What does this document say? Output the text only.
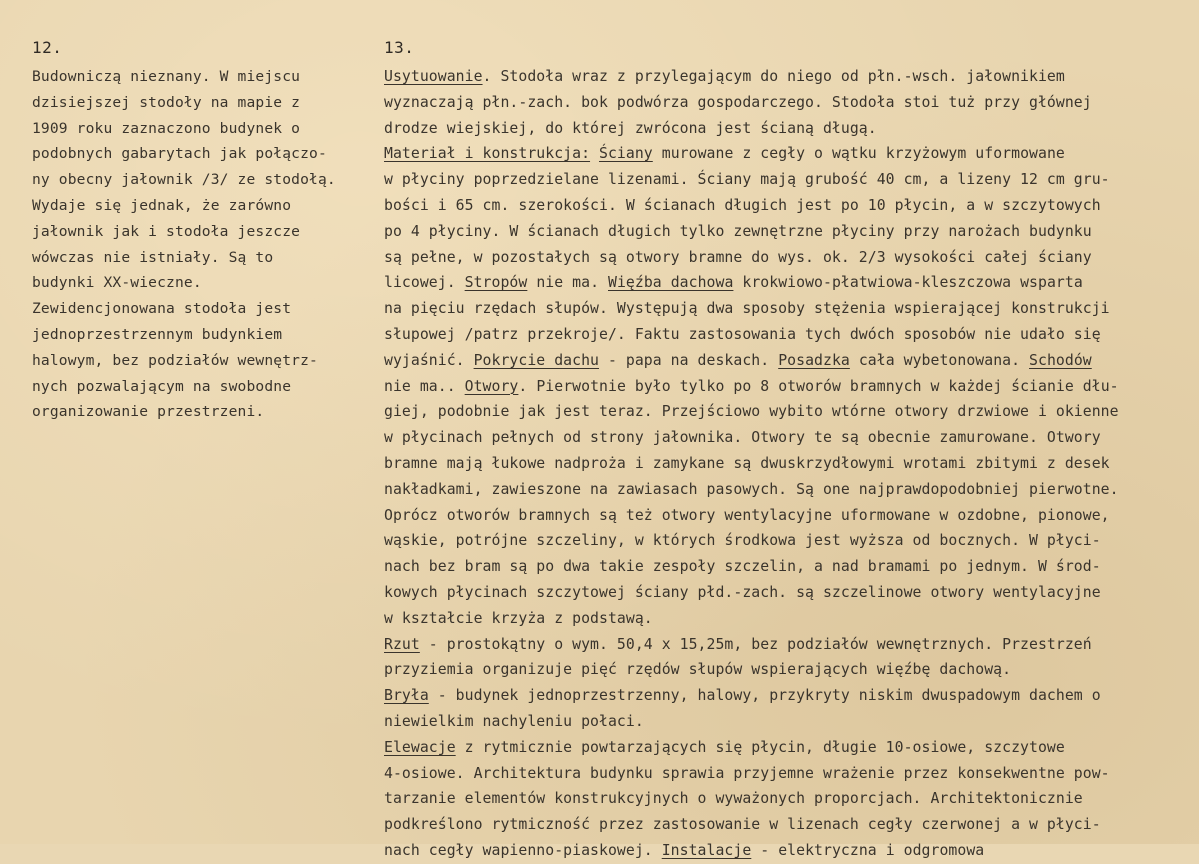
12.
Budowniczą nieznany. W miejscu
dzisiejszej stodoły na mapie z
1909 roku zaznaczono budynek o
podobnych gabarytach jak połączo-
ny obecny jałownik /3/ ze stodołą.
Wydaje się jednak, że zarówno
jałownik jak i stodoła jeszcze
wówczas nie istniały. Są to
budynki XX-wieczne.
Zewidencjonowana stodoła jest
jednoprzestrzennym budynkiem
halowym, bez podziałów wewnętrz-
nych pozwalającym na swobodne
organizowanie przestrzeni.
13.
Usytuowanie. Stodoła wraz z przylegającym do niego od płn.-wsch. jałownikiem
wyznaczają płn.-zach. bok podwórza gospodarczego. Stodoła stoi tuż przy głównej
drodze wiejskiej, do której zwrócona jest ścianą długą.
Materiał i konstrukcja: Ściany murowane z cegły o wątku krzyżowym uformowane
w płyciny poprzedzielane lizenami. Ściany mają grubość 40 cm, a lizeny 12 cm gru-
bości i 65 cm. szerokości. W ścianach długich jest po 10 płycin, a w szczytowych
po 4 płyciny. W ścianach długich tylko zewnętrzne płyciny przy narożach budynku
są pełne, w pozostałych są otwory bramne do wys. ok. 2/3 wysokości całej ściany
licowej. Stropów nie ma. Więźba dachowa krokwiowo-płatwiowa-kleszczowa wsparta
na pięciu rzędach słupów. Występują dwa sposoby stężenia wspierającej konstrukcji
słupowej /patrz przekroje/. Faktu zastosowania tych dwóch sposobów nie udało się
wyjaśnić. Pokrycie dachu - papa na deskach. Posadzka cała wybetonowana. Schodów
nie ma.. Otwory. Pierwotnie było tylko po 8 otworów bramnych w każdej ścianie dłu-
giej, podobnie jak jest teraz. Przejściowo wybito wtórne otwory drzwiowe i okienne
w płycinach pełnych od strony jałownika. Otwory te są obecnie zamurowane. Otwory
bramne mają łukowe nadproża i zamykane są dwuskrzydłowymi wrotami zbitymi z desek
nakładkami, zawieszone na zawiasach pasowych. Są one najprawdopodobniej pierwotne.
Oprócz otworów bramnych są też otwory wentylacyjne uformowane w ozdobne, pionowe,
wąskie, potrójne szczeliny, w których środkowa jest wyższa od bocznych. W płyci-
nach bez bram są po dwa takie zespoły szczelin, a nad bramami po jednym. W środ-
kowych płycinach szczytowej ściany płd.-zach. są szczelinowe otwory wentylacyjne
w kształcie krzyża z podstawą.
Rzut - prostokątny o wym. 50,4 x 15,25m, bez podziałów wewnętrznych. Przestrzeń
przyziemia organizuje pięć rzędów słupów wspierających więźbę dachową.
Bryła - budynek jednoprzestrzenny, halowy, przykryty niskim dwuspadowym dachem o
niewielkim nachyleniu połaci.
Elewacje z rytmicznie powtarzających się płycin, długie 10-osiowe, szczytowe
4-osiowe. Architektura budynku sprawia przyjemne wrażenie przez konsekwentne pow-
tarzanie elementów konstrukcyjnych o wyważonych proporcjach. Architektonicznie
podkreślono rytmiczność przez zastosowanie w lizenach cegły czerwonej a w płyci-
nach cegły wapienno-piaskowej. Instalacje - elektryczna i odgromowa
